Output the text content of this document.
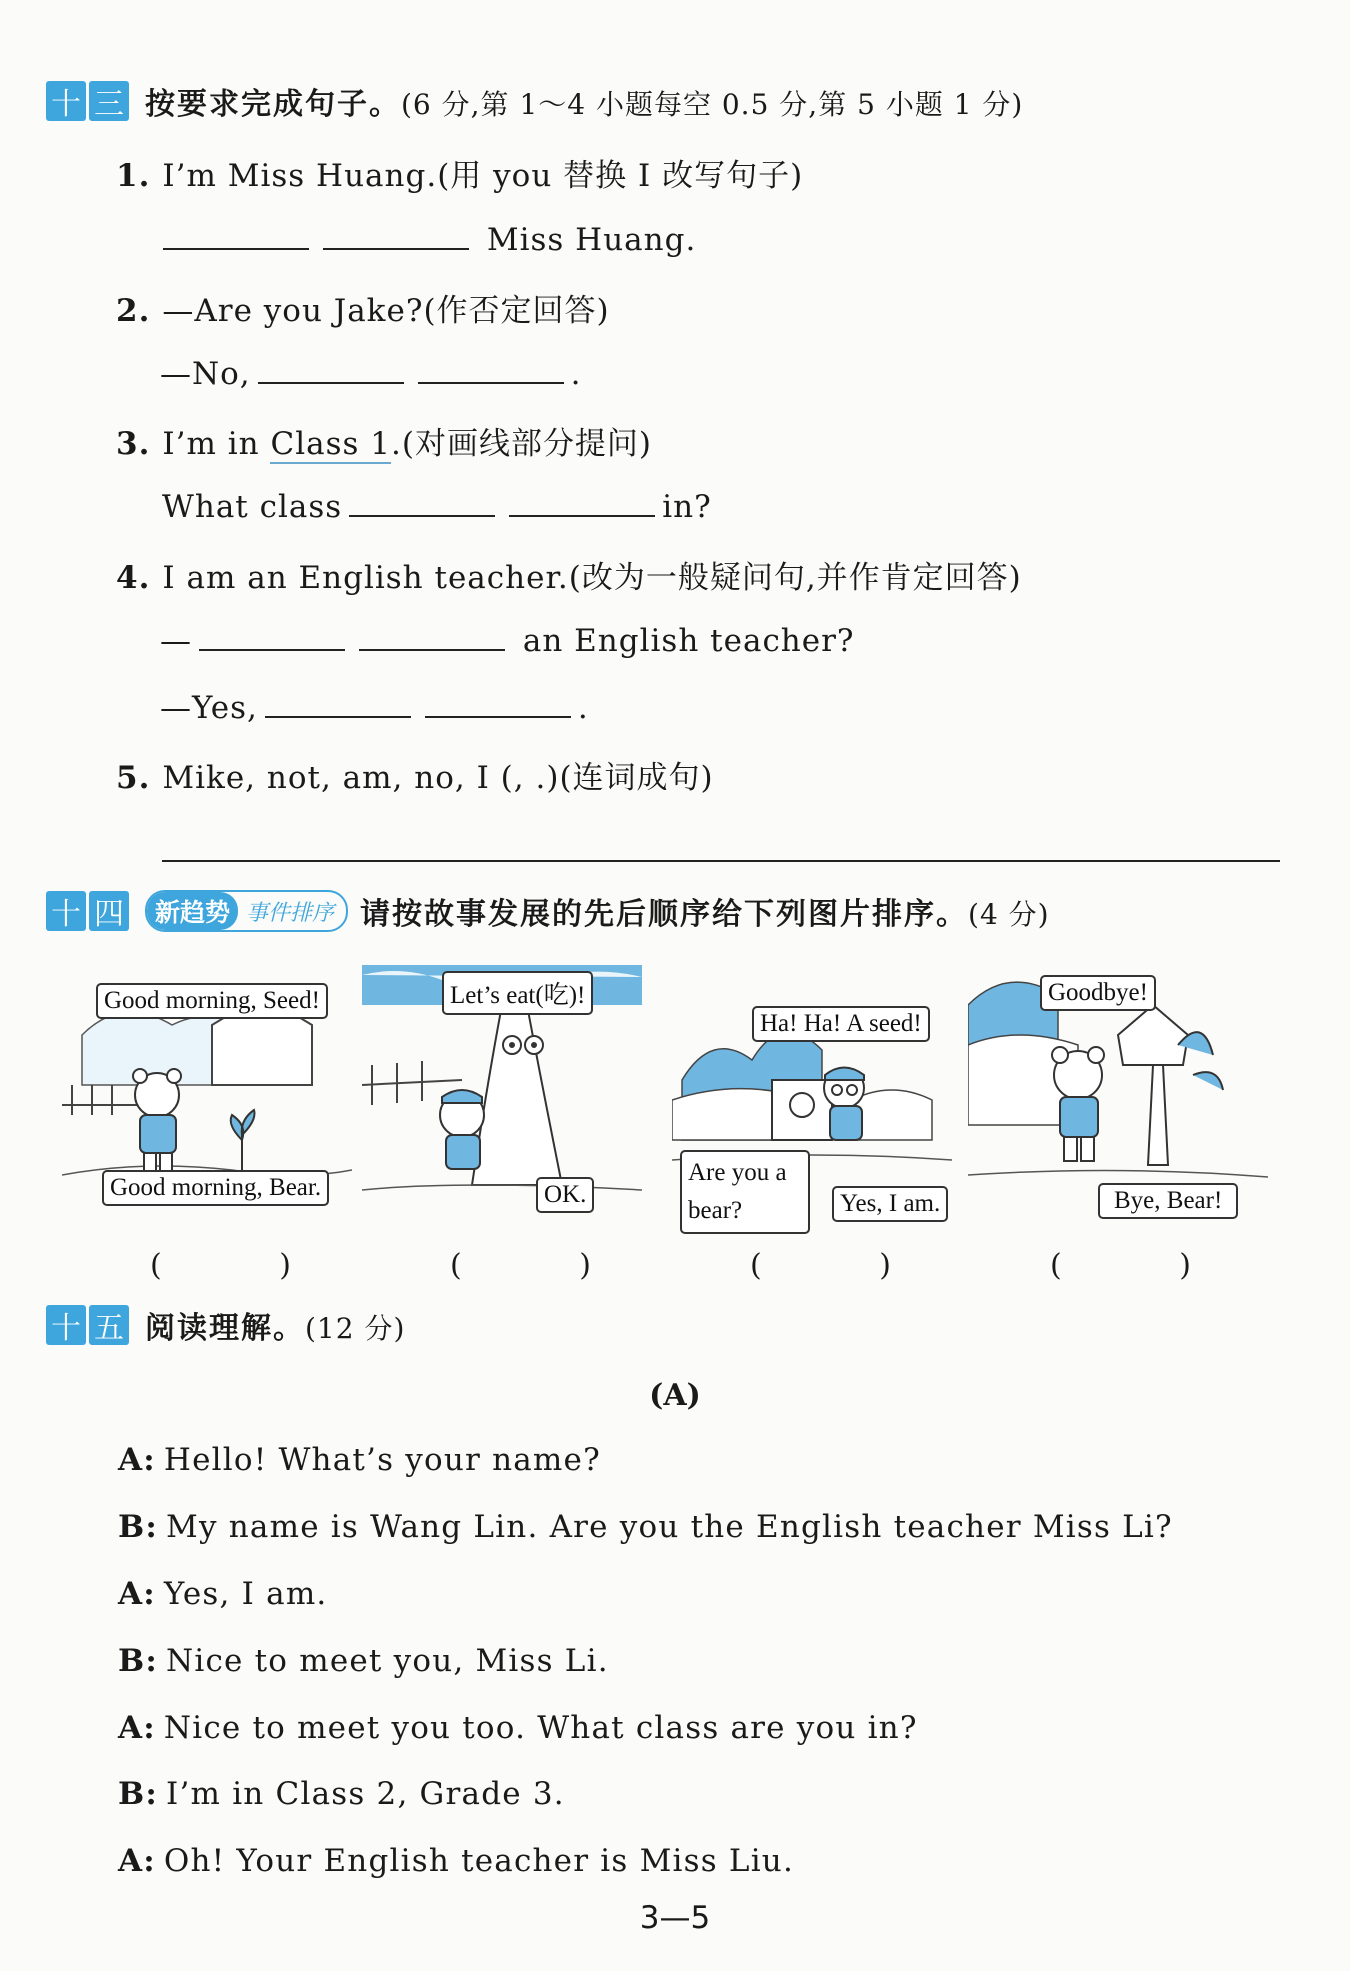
十 三 按要求完成句子。(6 分,第 1～4 小题每空 0.5 分,第 5 小题 1 分)
1. I’m Miss Huang.(用 you 替换 I 改写句子)
Miss Huang.
2. —Are you Jake?(作否定回答)
—No,	.
3. I’m in Class 1.(对画线部分提问)
What class	in?
4. I am an English teacher.(改为一般疑问句,并作肯定回答)
—	an English teacher?
—Yes,	.
5. Mike, not, am, no, I (, .)(连词成句)
十 四	新趋势 事件排序 请按故事发展的先后顺序给下列图片排序。(4 分)
Good morning, Seed!
Good morning, Bear.
Let’s eat(吃)!
OK.
Ha! Ha! A seed!
Are you a bear?	Yes, I am.
Goodbye!
Bye, Bear!
( )	( )	( )	( )
十 五 阅读理解。(12 分)
(A)
A: Hello! What’s your name?
B: My name is Wang Lin. Are you the English teacher Miss Li?
A: Yes, I am.
B: Nice to meet you, Miss Li.
A: Nice to meet you too. What class are you in?
B: I’m in Class 2, Grade 3.
A: Oh! Your English teacher is Miss Liu.
3—5
